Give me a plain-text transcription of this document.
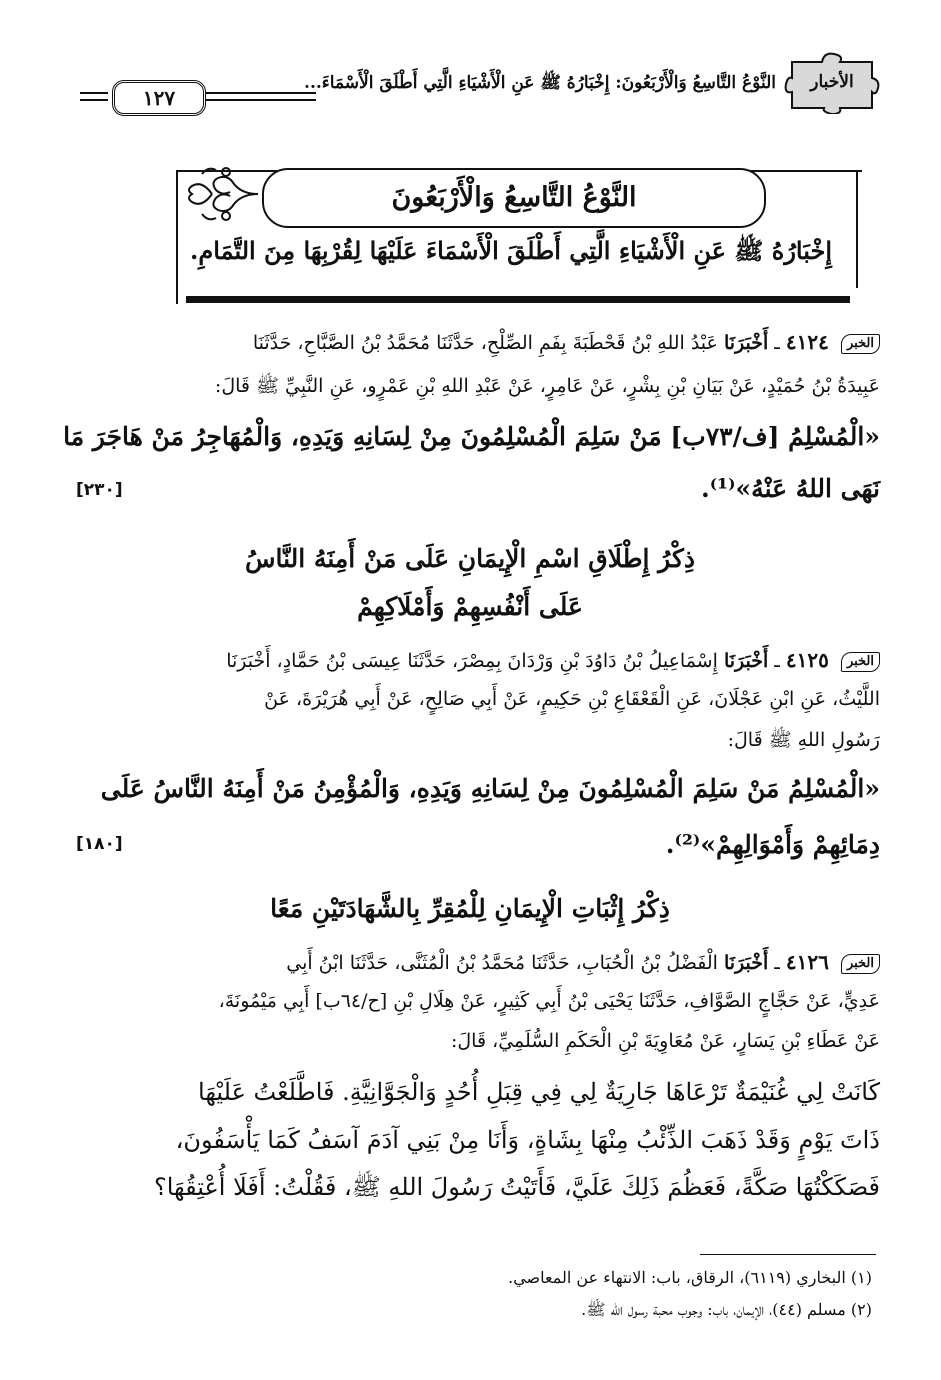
الأخبار
النَّوْعُ التَّاسِعُ وَالْأَرْبَعُونَ: إِخْبَارُهُ ﷺ عَنِ الْأَشْيَاءِ الَّتِي أَطْلَقَ الْأَسْمَاءَ...
١٢٧
النَّوْعُ التَّاسِعُ وَالْأَرْبَعُونَ
إِخْبَارُهُ ﷺ عَنِ الْأَشْيَاءِ الَّتِي أَطْلَقَ الْأَسْمَاءَ عَلَيْهَا لِقُرْبِهَا مِنَ التَّمَامِ.
الخبر ٤١٢٤ ـ أَخْبَرَنَا عَبْدُ اللهِ بْنُ قَحْطَبَةَ بِفَمِ الصِّلْحِ، حَدَّثَنَا مُحَمَّدُ بْنُ الصَّبَّاحِ، حَدَّثَنَا
عَبِيدَةُ بْنُ حُمَيْدٍ، عَنْ بَيَانِ بْنِ بِشْرٍ، عَنْ عَامِرٍ، عَنْ عَبْدِ اللهِ بْنِ عَمْرٍو، عَنِ النَّبِيِّ ﷺ قَالَ:
«الْمُسْلِمُ [ف/٧٣ب] مَنْ سَلِمَ الْمُسْلِمُونَ مِنْ لِسَانِهِ وَيَدِهِ، وَالْمُهَاجِرُ مَنْ هَاجَرَ مَا
نَهَى اللهُ عَنْهُ»⁽¹⁾.
[٢٣٠]
ذِكْرُ إِطْلَاقِ اسْمِ الْإِيمَانِ عَلَى مَنْ أَمِنَهُ النَّاسُ
عَلَى أَنْفُسِهِمْ وَأَمْلَاكِهِمْ
الخبر ٤١٢٥ ـ أَخْبَرَنَا إِسْمَاعِيلُ بْنُ دَاوُدَ بْنِ وَرْدَانَ بِمِصْرَ، حَدَّثَنَا عِيسَى بْنُ حَمَّادٍ، أَخْبَرَنَا
اللَّيْثُ، عَنِ ابْنِ عَجْلَانَ، عَنِ الْقَعْقَاعِ بْنِ حَكِيمٍ، عَنْ أَبِي صَالِحٍ، عَنْ أَبِي هُرَيْرَةَ، عَنْ
رَسُولِ اللهِ ﷺ قَالَ:
«الْمُسْلِمُ مَنْ سَلِمَ الْمُسْلِمُونَ مِنْ لِسَانِهِ وَيَدِهِ، وَالْمُؤْمِنُ مَنْ أَمِنَهُ النَّاسُ عَلَى
دِمَائِهِمْ وَأَمْوَالِهِمْ»⁽²⁾.
[١٨٠]
ذِكْرُ إِثْبَاتِ الْإِيمَانِ لِلْمُقِرِّ بِالشَّهَادَتَيْنِ مَعًا
الخبر ٤١٢٦ ـ أَخْبَرَنَا الْفَضْلُ بْنُ الْحُبَابِ، حَدَّثَنَا مُحَمَّدُ بْنُ الْمُثَنَّى، حَدَّثَنَا ابْنُ أَبِي
عَدِيٍّ، عَنْ حَجَّاجٍ الصَّوَّافِ، حَدَّثَنَا يَحْيَى بْنُ أَبِي كَثِيرٍ، عَنْ هِلَالِ بْنِ [ح/٦٤ب] أَبِي مَيْمُونَةَ،
عَنْ عَطَاءِ بْنِ يَسَارٍ، عَنْ مُعَاوِيَةَ بْنِ الْحَكَمِ السُّلَمِيِّ، قَالَ:
كَانَتْ لِي غُنَيْمَةٌ تَرْعَاهَا جَارِيَةٌ لِي فِي قِبَلِ أُحُدٍ وَالْجَوَّانِيَّةِ. فَاطَّلَعْتُ عَلَيْهَا
ذَاتَ يَوْمٍ وَقَدْ ذَهَبَ الذِّئْبُ مِنْهَا بِشَاةٍ، وَأَنَا مِنْ بَنِي آدَمَ آسَفُ كَمَا يَأْسَفُونَ،
فَصَكَكْتُهَا صَكَّةً، فَعَظُمَ ذَلِكَ عَلَيَّ، فَأَتَيْتُ رَسُولَ اللهِ ﷺ، فَقُلْتُ: أَفَلَا أُعْتِقُهَا؟
(١) البخاري (٦١١٩)، الرقاق، باب: الانتهاء عن المعاصي.
(٢) مسلم (٤٤)، الإيمان، باب: وجوب محبة رسول الله ﷺ.
